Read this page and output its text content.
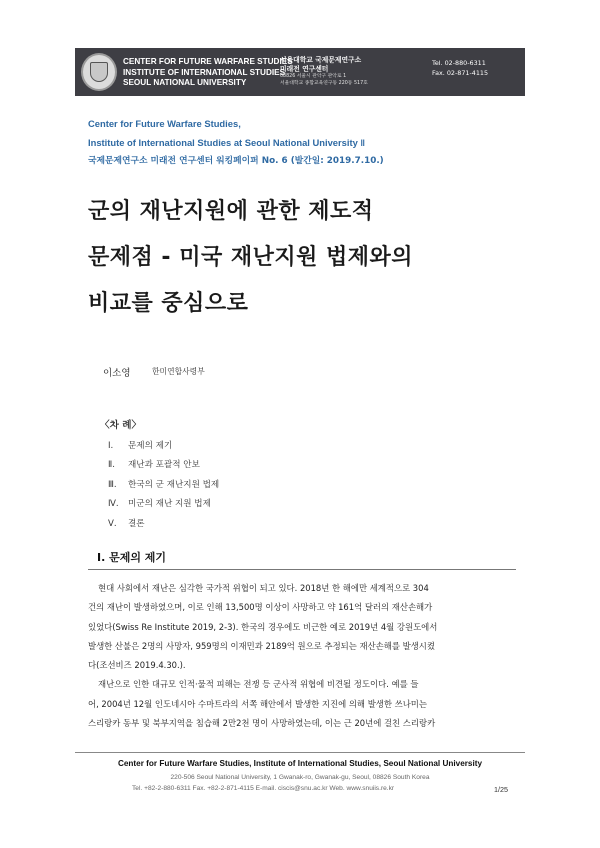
CENTER FOR FUTURE WARFARE STUDIES
INSTITUTE OF INTERNATIONAL STUDIES
SEOUL NATIONAL UNIVERSITY
서울대학교 국제문제연구소
미래전 연구센터
08826 서울시 관악구 관악로 1
서울대학교 종합교육연구동 220동 517호
Tel. 02-880-6311
Fax. 02-871-4115
Center for Future Warfare Studies,
Institute of International Studies at Seoul National University ‖
국제문제연구소 미래전 연구센터 워킹페이퍼 No. 6 (발간일: 2019.7.10.)
군의 재난지원에 관한 제도적
문제점 - 미국 재난지원 법제와의
비교를 중심으로
이소영	한미연합사령부
〈차 례〉
Ⅰ.	문제의 제기
Ⅱ.	재난과 포괄적 안보
Ⅲ.	한국의 군 재난지원 법제
Ⅳ.	미군의 재난 지원 법제
Ⅴ.	결론
Ⅰ. 문제의 제기
현대 사회에서 재난은 심각한 국가적 위협이 되고 있다. 2018년 한 해에만 세계적으로 304
건의 재난이 발생하였으며, 이로 인해 13,500명 이상이 사망하고 약 161억 달러의 재산손해가
있었다(Swiss Re Institute 2019, 2-3). 한국의 경우에도 비근한 예로 2019년 4월 강원도에서
발생한 산불은 2명의 사망자, 959명의 이재민과 2189억 원으로 추정되는 재산손해를 발생시켰
다(조선비즈 2019.4.30.).
재난으로 인한 대규모 인적·물적 피해는 전쟁 등 군사적 위협에 비견될 정도이다. 예를 들
어, 2004년 12월 인도네시아 수마트라의 서쪽 해안에서 발생한 지진에 의해 발생한 쓰나미는
스리랑카 동부 및 북부지역을 침습해 2만2천 명이 사망하였는데, 이는 근 20년에 걸친 스리랑카
Center for Future Warfare Studies, Institute of International Studies, Seoul National University
220-506 Seoul National University, 1 Gwanak-ro, Gwanak-gu, Seoul, 08826 South Korea
Tel. +82-2-880-6311 Fax. +82-2-871-4115 E-mail. ciscis@snu.ac.kr Web. www.snuiis.re.kr	1/25
